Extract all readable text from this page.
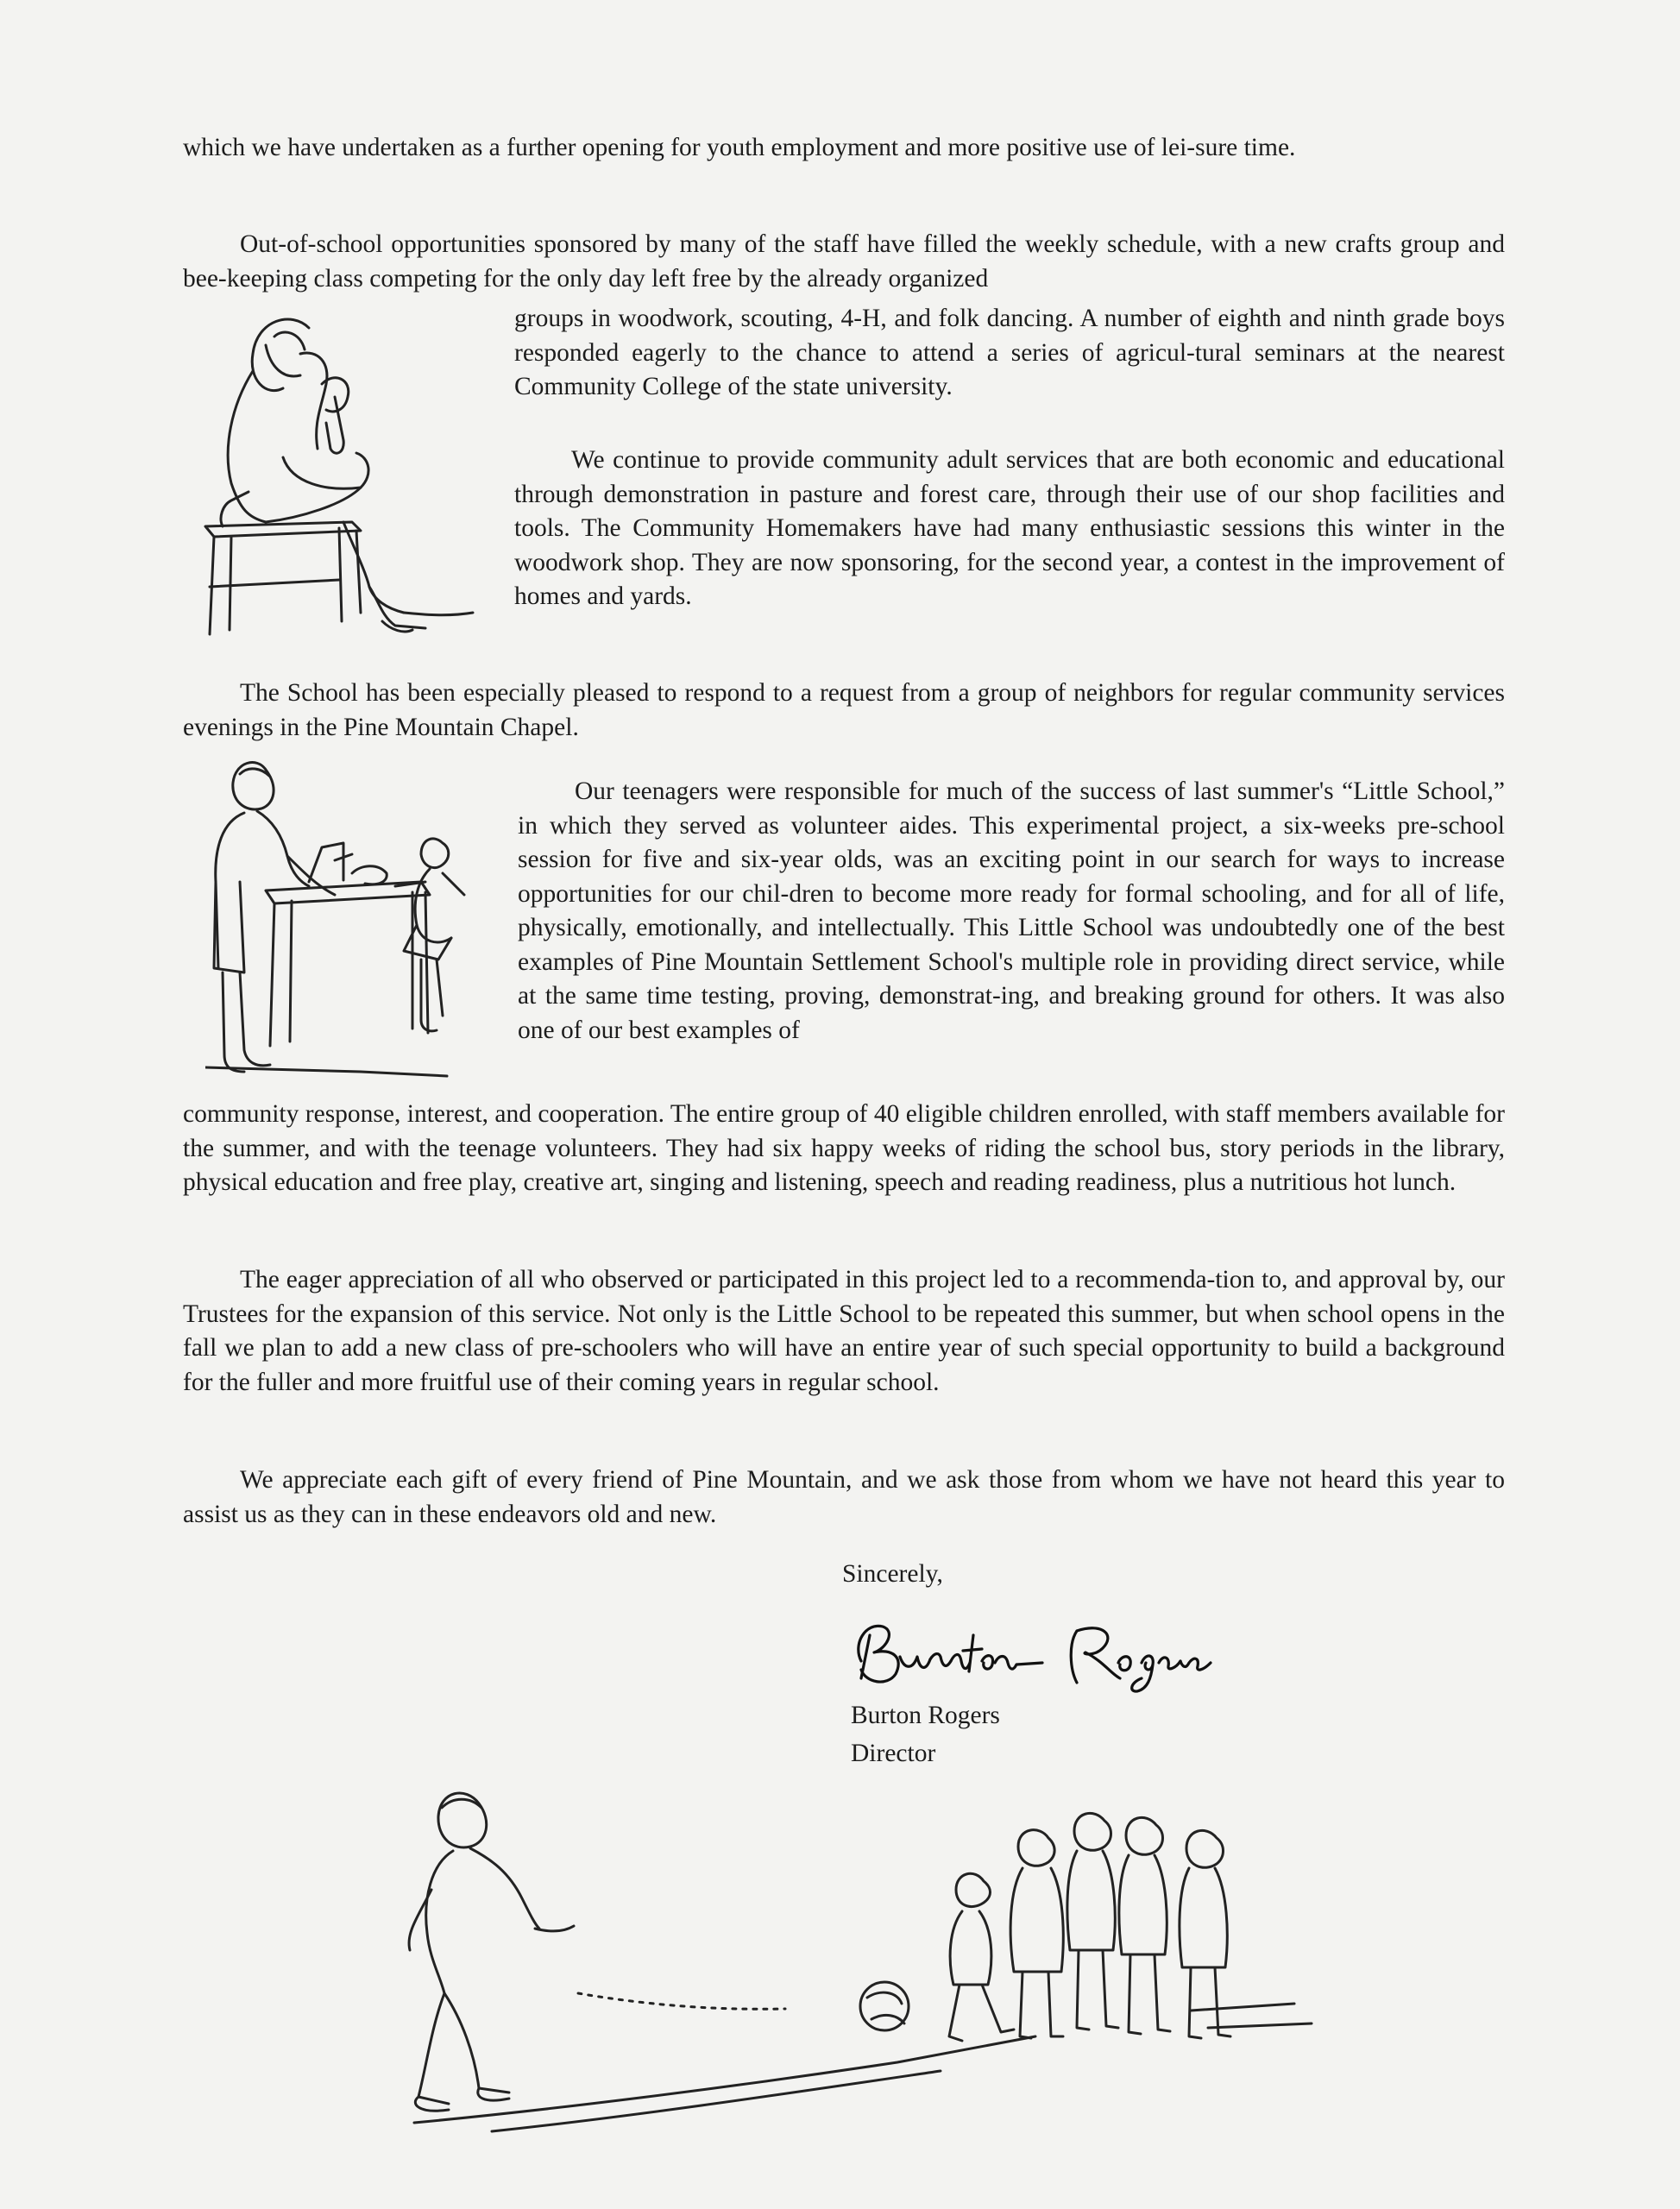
which we have undertaken as a further opening for youth employment and more positive use of lei-sure time.

Out-of-school opportunities sponsored by many of the staff have filled the weekly schedule, with a new crafts group and bee-keeping class competing for the only day left free by the already organized

groups in woodwork, scouting, 4-H, and folk dancing. A number of eighth and ninth grade boys responded eagerly to the chance to attend a series of agricul-tural seminars at the nearest Community College of the state university.

We continue to provide community adult services that are both economic and educational through demonstration in pasture and forest care, through their use of our shop facilities and tools. The Community Homemakers have had many enthusiastic sessions this winter in the woodwork shop. They are now sponsoring, for the second year, a contest in the improvement of homes and yards.

The School has been especially pleased to respond to a request from a group of neighbors for regular community services evenings in the Pine Mountain Chapel.

Our teenagers were responsible for much of the success of last summer's “Little School,” in which they served as volunteer aides. This experimental project, a six-weeks pre-school session for five and six-year olds, was an exciting point in our search for ways to increase opportunities for our chil-dren to become more ready for formal schooling, and for all of life, physically, emotionally, and intellectually. This Little School was undoubtedly one of the best examples of Pine Mountain Settlement School's multiple role in providing direct service, while at the same time testing, proving, demonstrat-ing, and breaking ground for others. It was also one of our best examples of

community response, interest, and cooperation. The entire group of 40 eligible children enrolled, with staff members available for the summer, and with the teenage volunteers. They had six happy weeks of riding the school bus, story periods in the library, physical education and free play, creative art, singing and listening, speech and reading readiness, plus a nutritious hot lunch.

The eager appreciation of all who observed or participated in this project led to a recommenda-tion to, and approval by, our Trustees for the expansion of this service. Not only is the Little School to be repeated this summer, but when school opens in the fall we plan to add a new class of pre-schoolers who will have an entire year of such special opportunity to build a background for the fuller and more fruitful use of their coming years in regular school.

We appreciate each gift of every friend of Pine Mountain, and we ask those from whom we have not heard this year to assist us as they can in these endeavors old and new.

Sincerely,
Burton Rogers
Director
